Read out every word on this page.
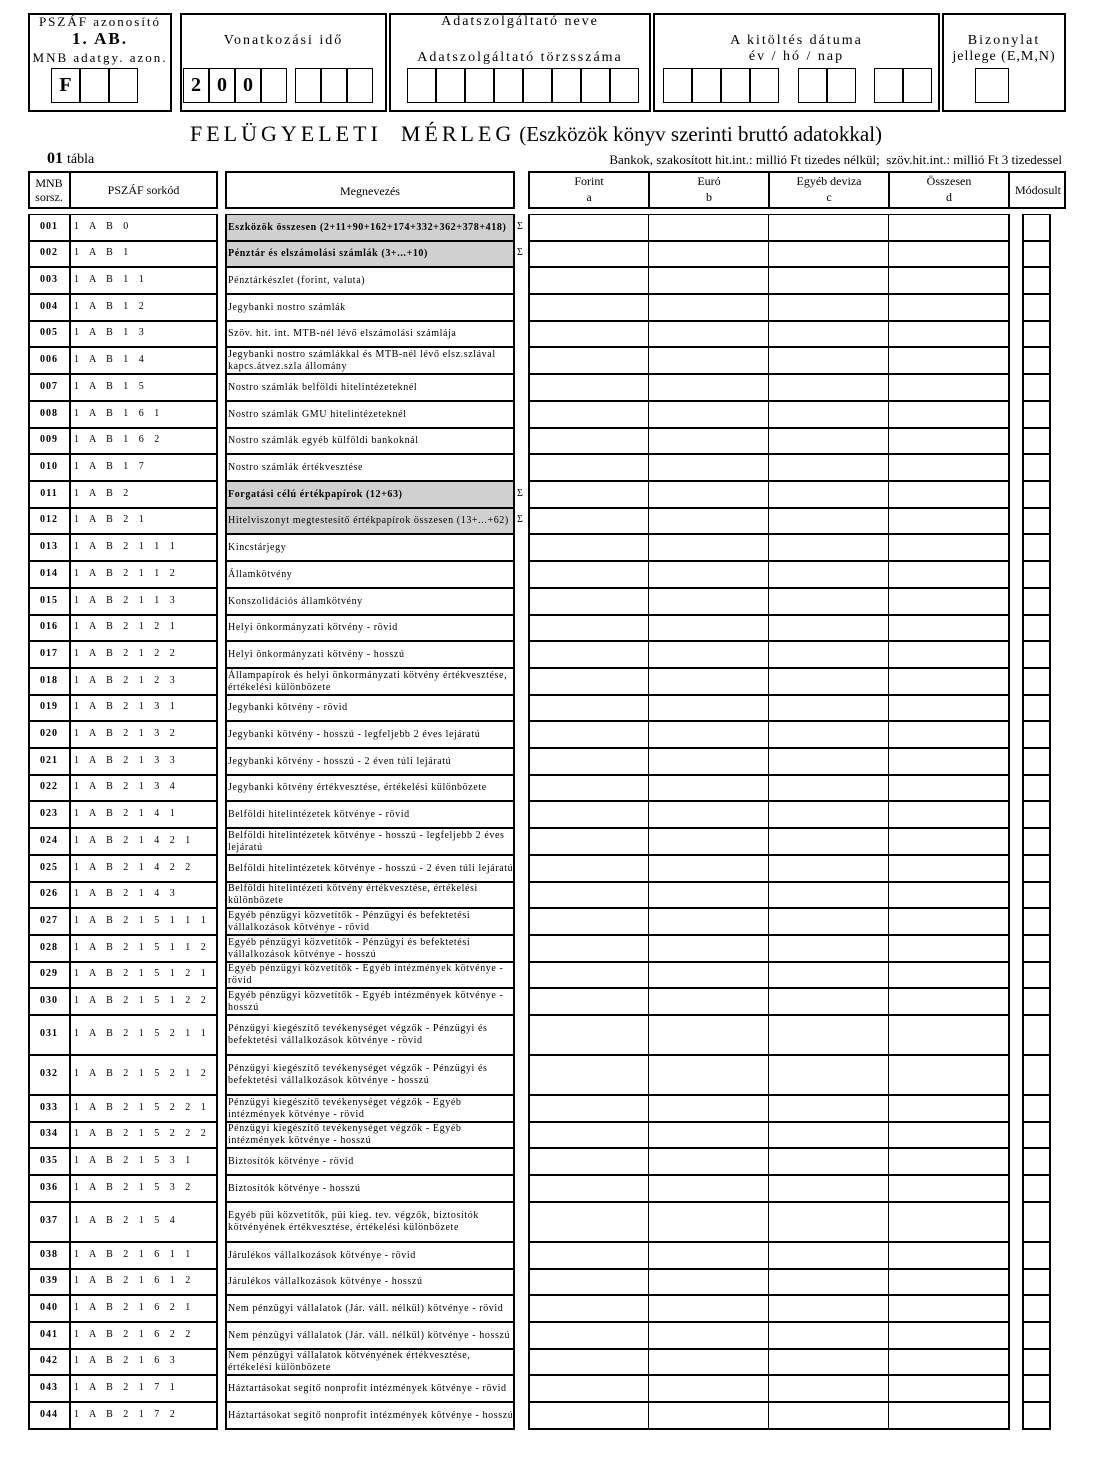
PSZÁF azonosító
1. AB.
MNB adatgy. azon.
F
Vonatkozási idő
2 0 0
Adatszolgáltató neve
Adatszolgáltató törzsszáma
A kitöltés dátuma
év / hó / nap
Bizonylat
jellege (E,M,N)
FELÜGYELETI  MÉRLEG (Eszközök könyv szerinti bruttó adatokkal)
01 tábla	Bankok, szakosított hit.int.: millió Ft tizedes nélkül;  szöv.hit.int.: millió Ft 3 tizedessel
MNB sorsz.	PSZÁF sorkód	Megnevezés
Forint
a
Euró
b
Egyéb deviza
c
Összesen
d	Módosult
001	1 A B 0	Eszközök összesen (2+11+90+162+174+332+362+378+418)	Σ
002	1 A B 1	Pénztár és elszámolási számlák (3+...+10)	Σ
003	1 A B 1 1	Pénztárkészlet (forint, valuta)
004	1 A B 1 2	Jegybanki nostro számlák
005	1 A B 1 3	Szöv. hit. int. MTB-nél lévő elszámolási számlája
006	1 A B 1 4	Jegybanki nostro számlákkal és MTB-nél lévő elsz.szlával kapcs.átvez.szla állomány
007	1 A B 1 5	Nostro számlák belföldi hitelintézeteknél
008	1 A B 1 6 1	Nostro számlák GMU hitelintézeteknél
009	1 A B 1 6 2	Nostro számlák egyéb külföldi bankoknál
010	1 A B 1 7	Nostro számlák értékvesztése
011	1 A B 2	Forgatási célú értékpapírok (12+63)	Σ
012	1 A B 2 1	Hitelviszonyt megtestesítő értékpapírok összesen (13+...+62) Σ
013	1 A B 2 1 1 1	Kincstárjegy
014	1 A B 2 1 1 2	Államkötvény
015	1 A B 2 1 1 3	Konszolidációs államkötvény
016	1 A B 2 1 2 1	Helyi önkormányzati kötvény - rövid
017	1 A B 2 1 2 2	Helyi önkormányzati kötvény - hosszú
018	1 A B 2 1 2 3	Állampapírok és helyi önkormányzati kötvény értékvesztése, értékelési különbözete
019	1 A B 2 1 3 1	Jegybanki kötvény - rövid
020	1 A B 2 1 3 2	Jegybanki kötvény - hosszú - legfeljebb 2 éves lejáratú
021	1 A B 2 1 3 3	Jegybanki kötvény - hosszú - 2 éven túli lejáratú
022	1 A B 2 1 3 4	Jegybanki kötvény értékvesztése, értékelési különbözete
023	1 A B 2 1 4 1	Belföldi hitelintézetek kötvénye - rövid
024	1 A B 2 1 4 2 1	Belföldi hitelintézetek kötvénye - hosszú - legfeljebb 2 éves lejáratú
025	1 A B 2 1 4 2 2	Belföldi hitelintézetek kötvénye - hosszú - 2 éven túli lejáratú
026	1 A B 2 1 4 3	Belföldi hitelintézeti kötvény értékvesztése, értékelési különbözete
027	1 A B 2 1 5 1 1 1	Egyéb pénzügyi közvetítők - Pénzügyi és befektetési vállalkozások kötvénye - rövid
028	1 A B 2 1 5 1 1 2	Egyéb pénzügyi közvetítők - Pénzügyi és befektetési vállalkozások kötvénye - hosszú
029	1 A B 2 1 5 1 2 1	Egyéb pénzügyi közvetítők - Egyéb intézmények kötvénye - rövid
030	1 A B 2 1 5 1 2 2	Egyéb pénzügyi közvetítők - Egyéb intézmények kötvénye - hosszú
031	1 A B 2 1 5 2 1 1	Pénzügyi kiegészítő tevékenységet végzők - Pénzügyi és befektetési vállalkozások kötvénye - rövid
032	1 A B 2 1 5 2 1 2	Pénzügyi kiegészítő tevékenységet végzők - Pénzügyi és befektetési vállalkozások kötvénye - hosszú
033	1 A B 2 1 5 2 2 1	Pénzügyi kiegészítő tevékenységet végzők - Egyéb intézmények kötvénye - rövid
034	1 A B 2 1 5 2 2 2	Pénzügyi kiegészítő tevékenységet végzők - Egyéb intézmények kötvénye - hosszú
035	1 A B 2 1 5 3 1	Biztosítók kötvénye - rövid
036	1 A B 2 1 5 3 2	Biztosítók kötvénye - hosszú
037	1 A B 2 1 5 4	Egyéb püi közvetítők, püi kieg. tev. végzők, biztosítók kötvényének értékvesztése, értékelési különbözete
038	1 A B 2 1 6 1 1	Járulékos vállalkozások kötvénye - rövid
039	1 A B 2 1 6 1 2	Járulékos vállalkozások kötvénye - hosszú
040	1 A B 2 1 6 2 1	Nem pénzügyi vállalatok (Jár. váll. nélkül) kötvénye - rövid
041	1 A B 2 1 6 2 2	Nem pénzügyi vállalatok (Jár. váll. nélkül) kötvénye - hosszú
042	1 A B 2 1 6 3	Nem pénzügyi vállalatok kötvényének értékvesztése, értékelési különbözete
043	1 A B 2 1 7 1	Háztartásokat segítő nonprofit intézmények kötvénye - rövid
044	1 A B 2 1 7 2	Háztartásokat segítő nonprofit intézmények kötvénye - hosszú
